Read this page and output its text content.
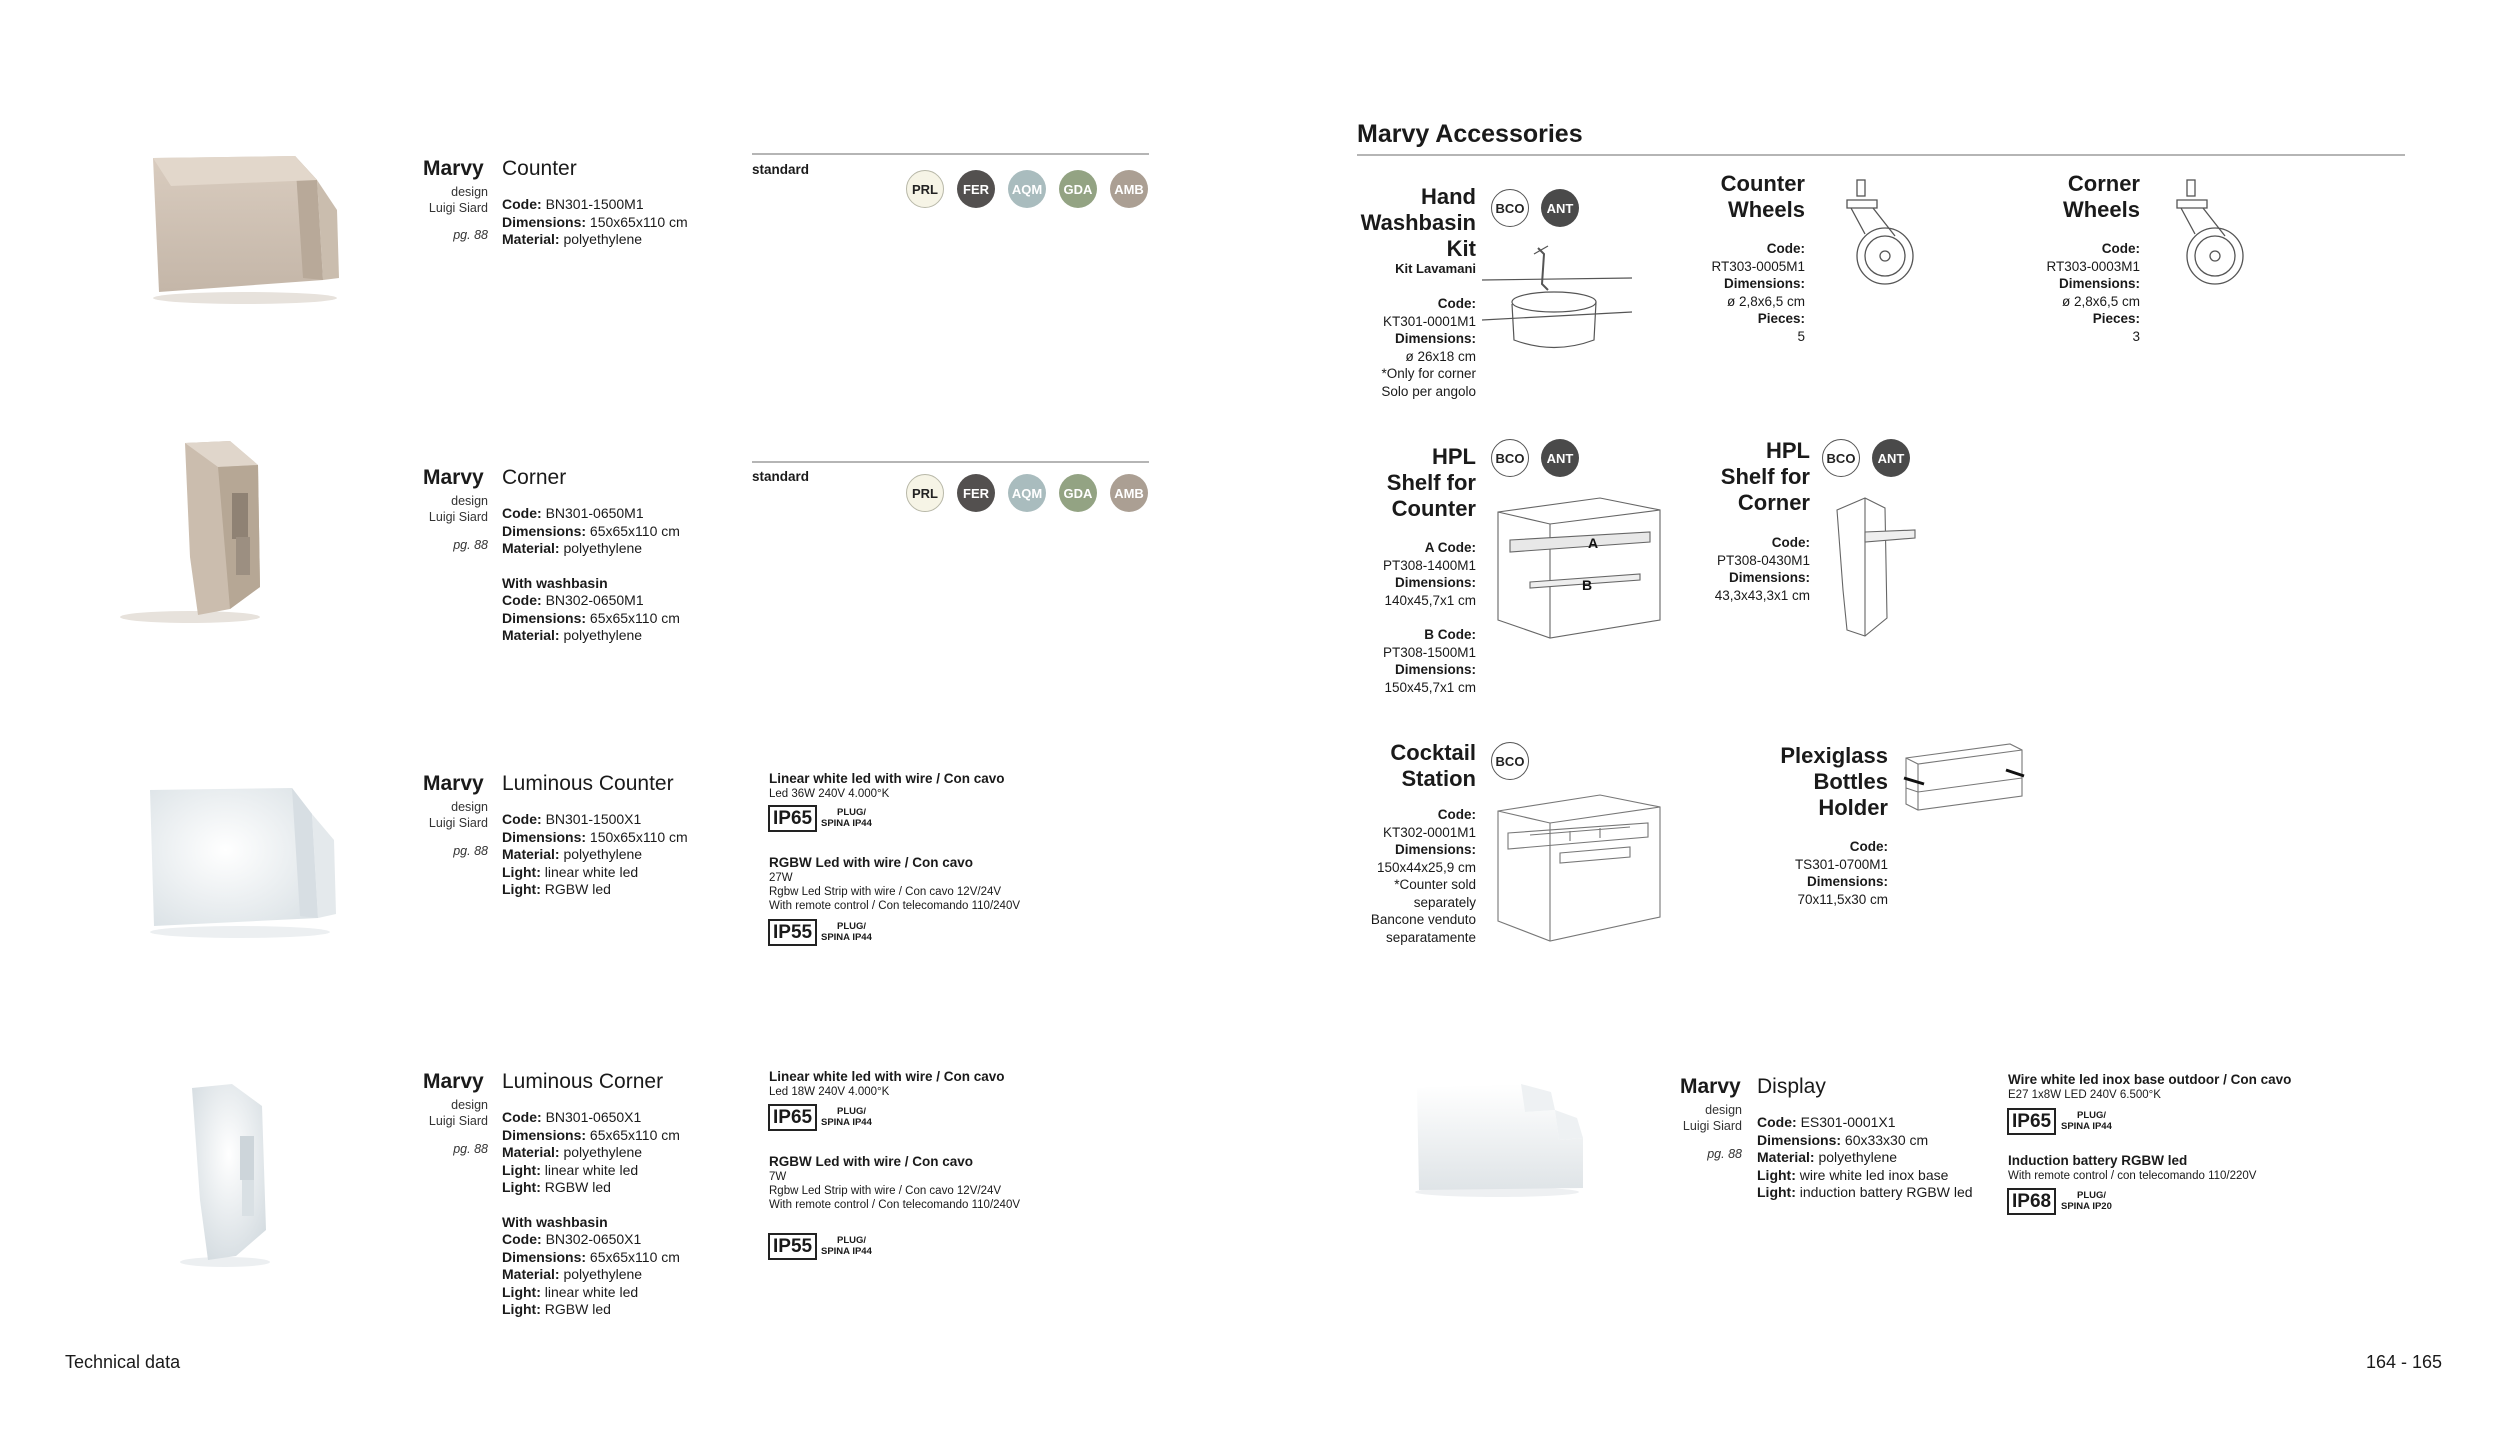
Marvy Counter
design
Luigi Siard
pg. 88
Code: BN301-1500M1
Dimensions: 150x65x110 cm
Material: polyethylene
standard
PRL	FER	AQM	GDA	AMB
Marvy Corner
design
Luigi Siard
pg. 88
Code: BN301-0650M1
Dimensions: 65x65x110 cm
Material: polyethylene
With washbasin
Code: BN302-0650M1
Dimensions: 65x65x110 cm
Material: polyethylene
standard
PRL	FER	AQM	GDA	AMB
Marvy Luminous Counter
design
Luigi Siard
pg. 88
Code: BN301-1500X1
Dimensions: 150x65x110 cm
Material: polyethylene
Light: linear white led
Light: RGBW led
Linear white led with wire / Con cavo
Led 36W 240V 4.000°K
IP65	PLUG/
SPINA IP44
RGBW Led with wire / Con cavo
27W
Rgbw Led Strip with wire / Con cavo 12V/24V
With remote control / Con telecomando 110/240V
IP55	PLUG/
SPINA IP44
Marvy Luminous Corner
design
Luigi Siard
pg. 88
Code: BN301-0650X1
Dimensions: 65x65x110 cm
Material: polyethylene
Light: linear white led
Light: RGBW led
With washbasin
Code: BN302-0650X1
Dimensions: 65x65x110 cm
Material: polyethylene
Light: linear white led
Light: RGBW led
Linear white led with wire / Con cavo
Led 18W 240V 4.000°K
IP65	PLUG/
SPINA IP44
RGBW Led with wire / Con cavo
7W
Rgbw Led Strip with wire / Con cavo 12V/24V
With remote control / Con telecomando 110/240V
IP55	PLUG/
SPINA IP44
Marvy Accessories
Hand
Washbasin
Kit
Kit Lavamani
BCO	ANT
Code:
KT301-0001M1
Dimensions:
ø 26x18 cm
*Only for corner
Solo per angolo
Counter
Wheels
Code:
RT303-0005M1
Dimensions:
ø 2,8x6,5 cm
Pieces:
5
Corner
Wheels
Code:
RT303-0003M1
Dimensions:
ø 2,8x6,5 cm
Pieces:
3
HPL
Shelf for
Counter
BCO	ANT
A Code:
PT308-1400M1
Dimensions:
140x45,7x1 cm
B Code:
PT308-1500M1
Dimensions:
150x45,7x1 cm
A
B
HPL
Shelf for
Corner
BCO	ANT
Code:
PT308-0430M1
Dimensions:
43,3x43,3x1 cm
Cocktail
Station
BCO
Code:
KT302-0001M1
Dimensions:
150x44x25,9 cm
*Counter sold
separately
Bancone venduto
separatamente
Plexiglass
Bottles
Holder
Code:
TS301-0700M1
Dimensions:
70x11,5x30 cm
Marvy Display
design
Luigi Siard
pg. 88
Code: ES301-0001X1
Dimensions: 60x33x30 cm
Material: polyethylene
Light: wire white led inox base
Light: induction battery RGBW led
Wire white led inox base outdoor / Con cavo
E27 1x8W LED 240V 6.500°K
IP65	PLUG/
SPINA IP44
Induction battery RGBW led
With remote control / con telecomando 110/220V
IP68	PLUG/
SPINA IP20
Technical data	164 - 165
